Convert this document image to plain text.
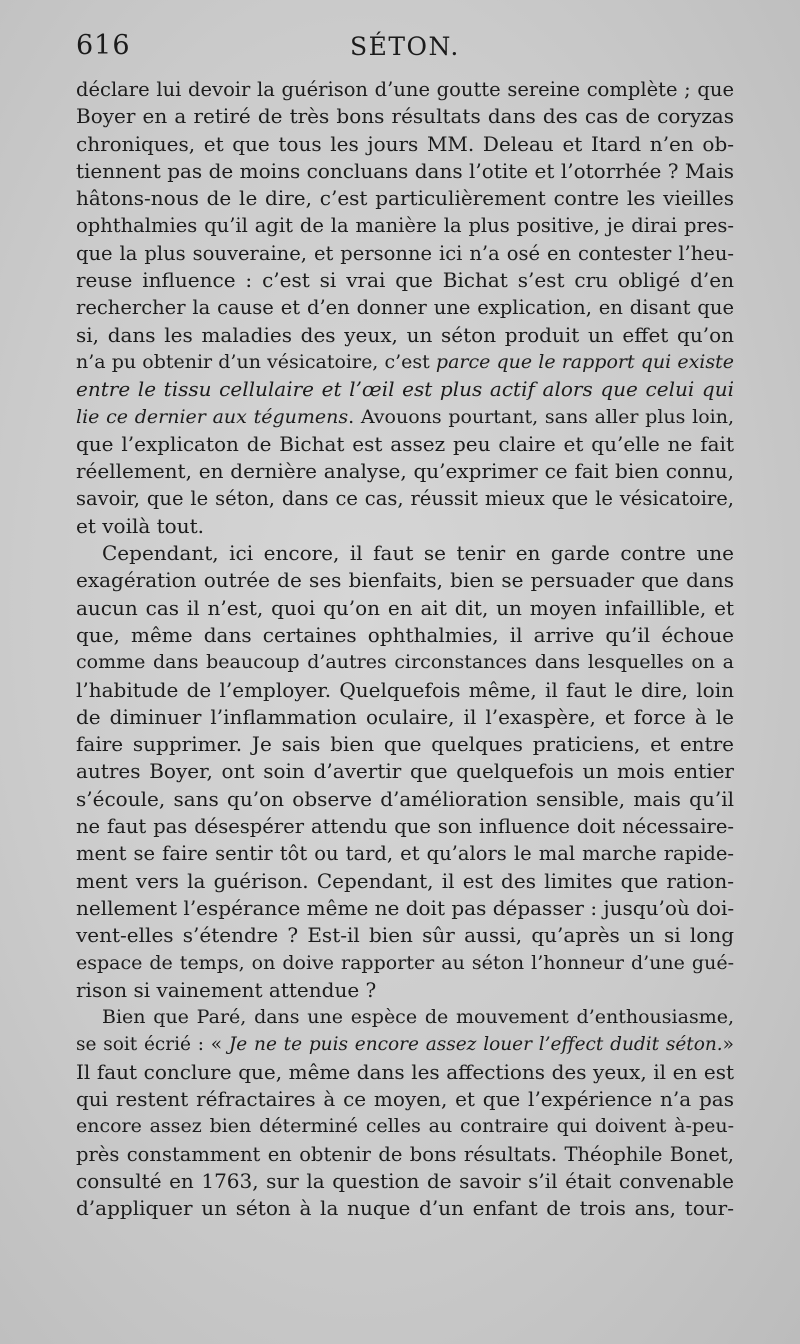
616	SÉTON.
déclare lui devoir la guérison d’une goutte sereine complète ; que
Boyer en a retiré de très bons résultats dans des cas de coryzas
chroniques, et que tous les jours MM. Deleau et Itard n’en ob-
tiennent pas de moins concluans dans l’otite et l’otorrhée ? Mais
hâtons-nous de le dire, c’est particulièrement contre les vieilles
ophthalmies qu’il agit de la manière la plus positive, je dirai pres-
que la plus souveraine, et personne ici n’a osé en contester l’heu-
reuse influence : c’est si vrai que Bichat s’est cru obligé d’en
rechercher la cause et d’en donner une explication, en disant que
si, dans les maladies des yeux, un séton produit un effet qu’on
n’a pu obtenir d’un vésicatoire, c’est parce que le rapport qui existe
entre le tissu cellulaire et l’œil est plus actif alors que celui qui
lie ce dernier aux tégumens. Avouons pourtant, sans aller plus loin,
que l’explicaton de Bichat est assez peu claire et qu’elle ne fait
réellement, en dernière analyse, qu’exprimer ce fait bien connu,
savoir, que le séton, dans ce cas, réussit mieux que le vésicatoire,
et voilà tout.
Cependant, ici encore, il faut se tenir en garde contre une
exagération outrée de ses bienfaits, bien se persuader que dans
aucun cas il n’est, quoi qu’on en ait dit, un moyen infaillible, et
que, même dans certaines ophthalmies, il arrive qu’il échoue
comme dans beaucoup d’autres circonstances dans lesquelles on a
l’habitude de l’employer. Quelquefois même, il faut le dire, loin
de diminuer l’inflammation oculaire, il l’exaspère, et force à le
faire supprimer. Je sais bien que quelques praticiens, et entre
autres Boyer, ont soin d’avertir que quelquefois un mois entier
s’écoule, sans qu’on observe d’amélioration sensible, mais qu’il
ne faut pas désespérer attendu que son influence doit nécessaire-
ment se faire sentir tôt ou tard, et qu’alors le mal marche rapide-
ment vers la guérison. Cependant, il est des limites que ration-
nellement l’espérance même ne doit pas dépasser : jusqu’où doi-
vent-elles s’étendre ? Est-il bien sûr aussi, qu’après un si long
espace de temps, on doive rapporter au séton l’honneur d’une gué-
rison si vainement attendue ?
Bien que Paré, dans une espèce de mouvement d’enthousiasme,
se soit écrié : « Je ne te puis encore assez louer l’effect dudit séton.»
Il faut conclure que, même dans les affections des yeux, il en est
qui restent réfractaires à ce moyen, et que l’expérience n’a pas
encore assez bien déterminé celles au contraire qui doivent à-peu-
près constamment en obtenir de bons résultats. Théophile Bonet,
consulté en 1763, sur la question de savoir s’il était convenable
d’appliquer un séton à la nuque d’un enfant de trois ans, tour-
